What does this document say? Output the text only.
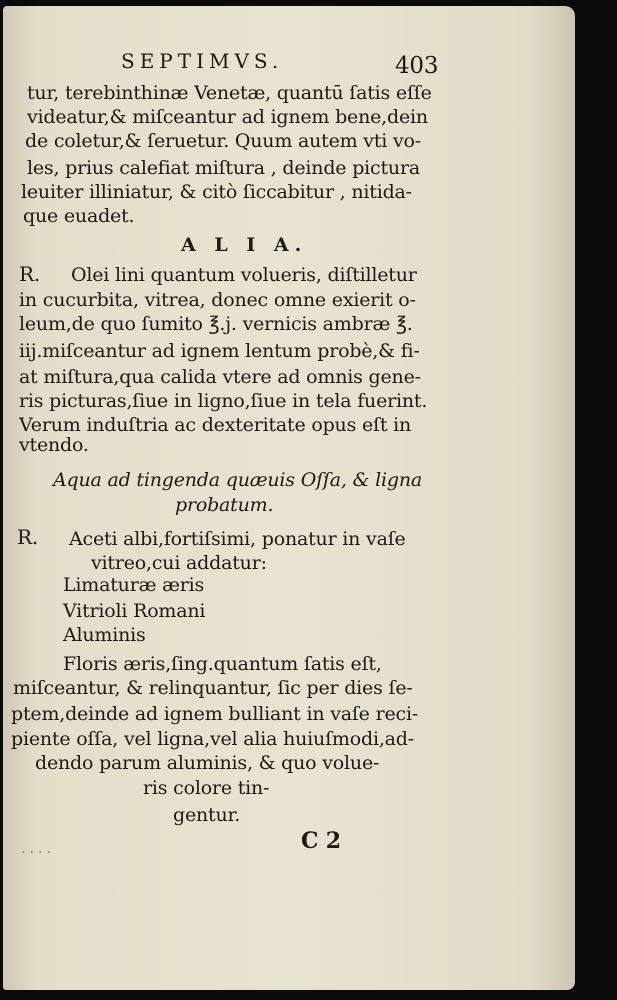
SEPTIMVS.	403
tur, terebinthinæ Venetæ, quantū ſatis eſſe
videatur,& miſceantur ad ignem bene,dein
de coletur,& ſeruetur. Quum autem vti vo-
les, prius calefiat miſtura , deinde pictura
leuiter illiniatur, & citò ſiccabitur , nitida-
que euadet.
A L I A.
R. Olei lini quantum volueris, diſtilletur
in cucurbita, vitrea, donec omne exierit o-
leum,de quo ſumito ℥.j. vernicis ambræ ℥.
iij.miſceantur ad ignem lentum probè,& fi-
at miſtura,qua calida vtere ad omnis gene-
ris picturas,ſiue in ligno,ſiue in tela fuerint.
Verum induſtria ac dexteritate opus eſt in
vtendo.
Aqua ad tingenda quæuis Oſſa, & ligna
probatum.
R. Aceti albi,fortiſsimi, ponatur in vaſe
vitreo,cui addatur:
Limaturæ æris
Vitrioli Romani
Aluminis
Floris æris,ſing.quantum ſatis eſt,
miſceantur, & relinquantur, ſic per dies ſe-
ptem,deinde ad ignem bulliant in vaſe reci-
piente oſſa, vel ligna,vel alia huiuſmodi,ad-
dendo parum aluminis, & quo volue-
ris colore tin-
gentur.
. . . .	C 2
